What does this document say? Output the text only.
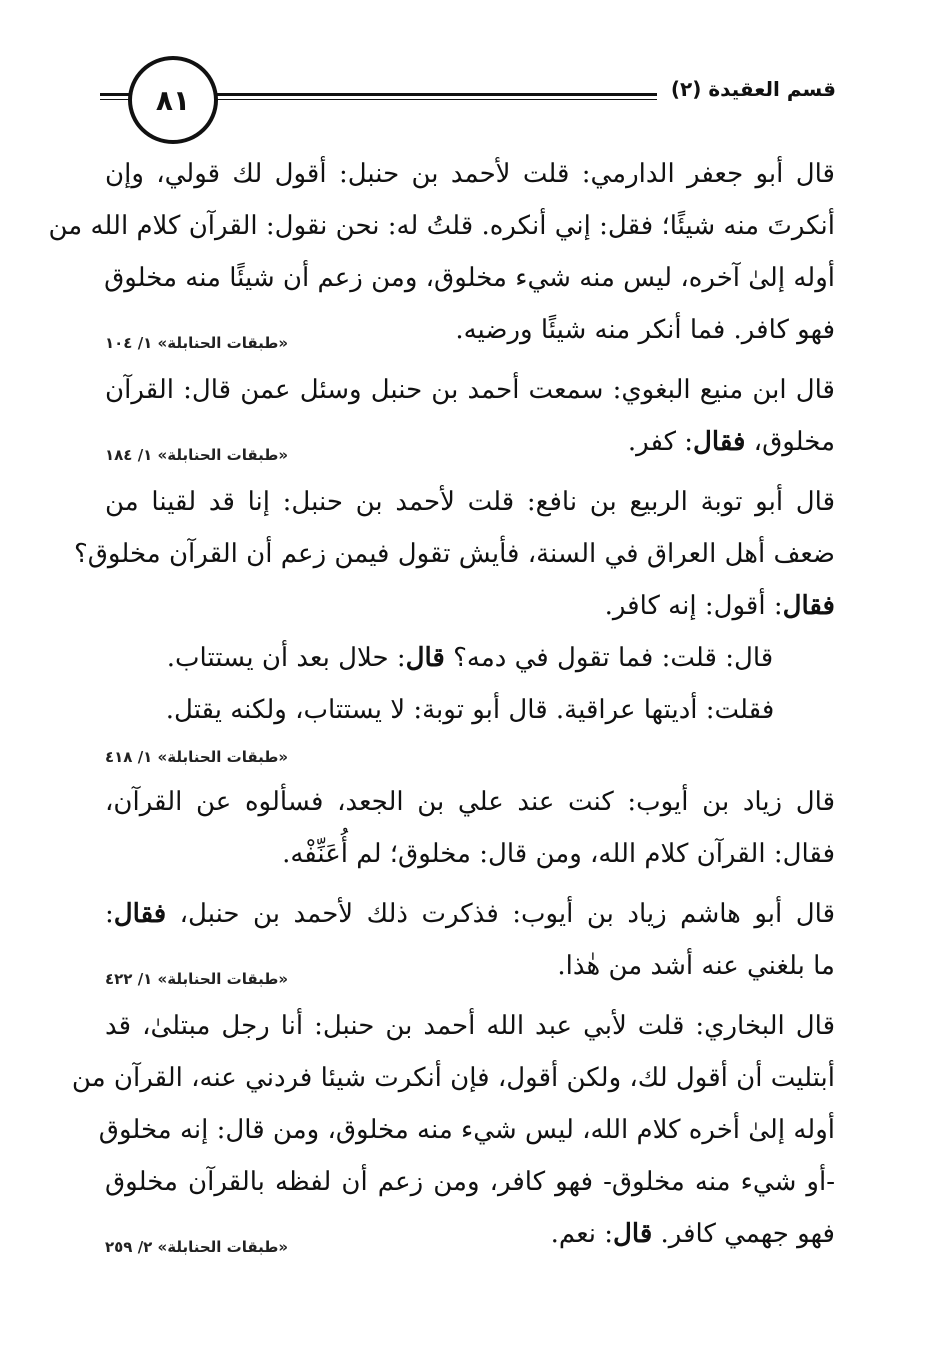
قسم العقيدة (٢)
٨١
قال أبو جعفر الدارمي: قلت لأحمد بن حنبل: أقول لك قولي، وإن
أنكرتَ منه شيئًا؛ فقل: إني أنكره. قلتُ له: نحن نقول: القرآن كلام الله من
أوله إلىٰ آخره، ليس منه شيء مخلوق، ومن زعم أن شيئًا منه مخلوق
فهو كافر. فما أنكر منه شيئًا ورضيه.
«طبقات الحنابلة» ١/ ١٠٤
قال ابن منيع البغوي: سمعت أحمد بن حنبل وسئل عمن قال: القرآن
مخلوق، فقال: كفر.
«طبقات الحنابلة» ١/ ١٨٤
قال أبو توبة الربيع بن نافع: قلت لأحمد بن حنبل: إنا قد لقينا من
ضعف أهل العراق في السنة، فأيش تقول فيمن زعم أن القرآن مخلوق؟
فقال: أقول: إنه كافر.
قال: قلت: فما تقول في دمه؟ قال: حلال بعد أن يستتاب.
فقلت: أديتها عراقية. قال أبو توبة: لا يستتاب، ولكنه يقتل.
«طبقات الحنابلة» ١/ ٤١٨
قال زياد بن أيوب: كنت عند علي بن الجعد، فسألوه عن القرآن،
فقال: القرآن كلام الله، ومن قال: مخلوق؛ لم أُعَنِّفْه.
قال أبو هاشم زياد بن أيوب: فذكرت ذلك لأحمد بن حنبل، فقال:
ما بلغني عنه أشد من هٰذا.
«طبقات الحنابلة» ١/ ٤٢٢
قال البخاري: قلت لأبي عبد الله أحمد بن حنبل: أنا رجل مبتلىٰ، قد
أبتليت أن أقول لك، ولكن أقول، فإن أنكرت شيئا فردني عنه، القرآن من
أوله إلىٰ أخره كلام الله، ليس شيء منه مخلوق، ومن قال: إنه مخلوق
-أو شيء منه مخلوق- فهو كافر، ومن زعم أن لفظه بالقرآن مخلوق
فهو جهمي كافر. قال: نعم.
«طبقات الحنابلة» ٢/ ٢٥٩
